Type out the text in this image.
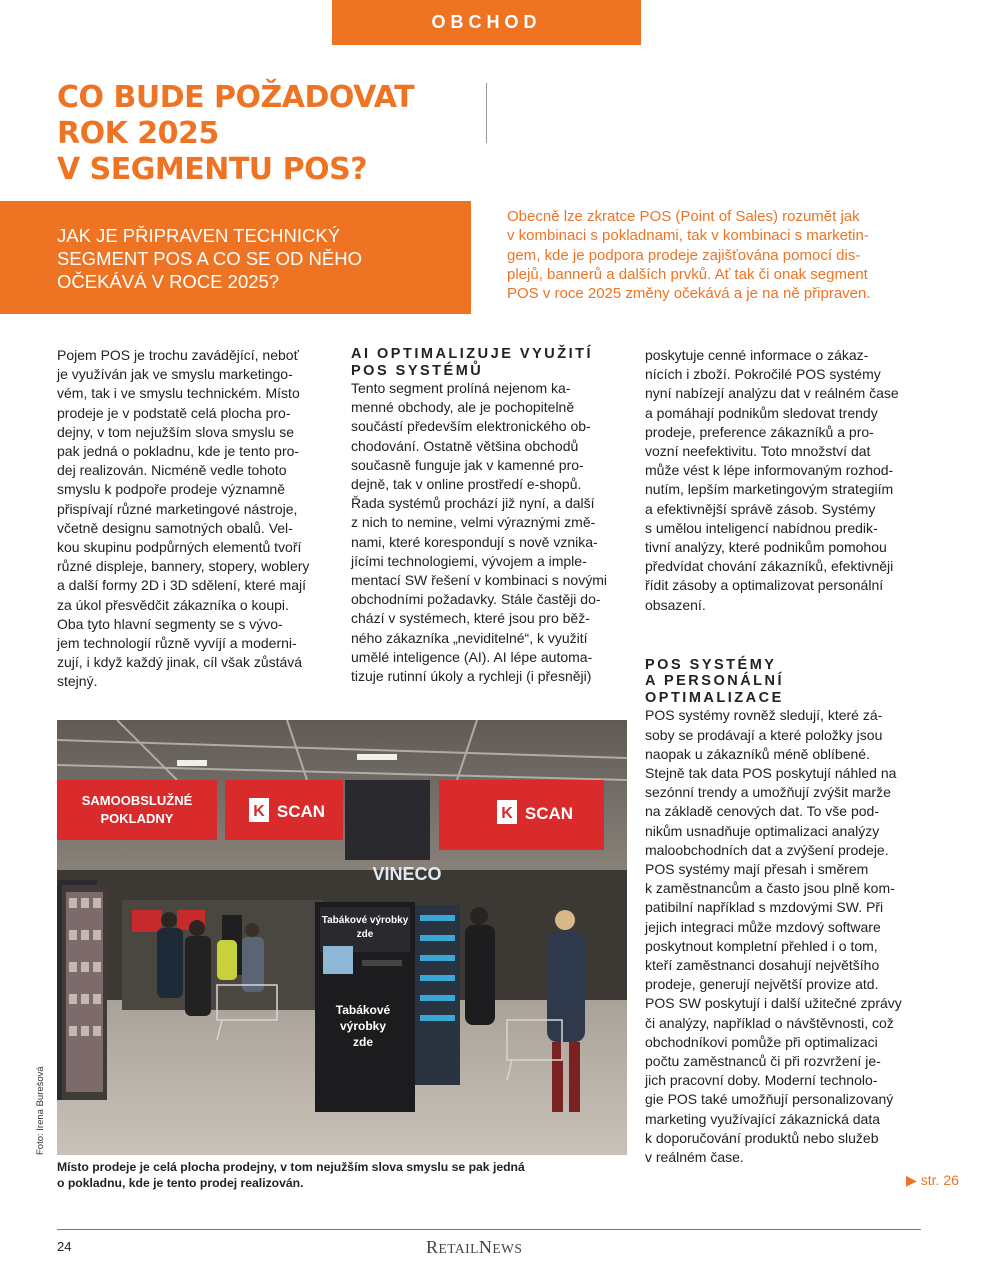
OBCHOD
CO BUDE POŽADOVAT
ROK 2025
V SEGMENTU POS?
JAK JE PŘIPRAVEN TECHNICKÝ
SEGMENT POS A CO SE OD NĚHO
OČEKÁVÁ V ROCE 2025?
Obecně lze zkratce POS (Point of Sales) rozumět jak
v kombinaci s pokladnami, tak v kombinaci s marketin-
gem, kde je podpora prodeje zajišťována pomocí dis-
plejů, bannerů a dalších prvků. Ať tak či onak segment
POS v roce 2025 změny očekává a je na ně připraven.

Pojem POS je trochu zavádějící, neboť
je využíván jak ve smyslu marketingo-
vém, tak i ve smyslu technickém. Místo
prodeje je v podstatě celá plocha pro-
dejny, v tom nejužším slova smyslu se
pak jedná o pokladnu, kde je tento pro-
dej realizován. Nicméně vedle tohoto
smyslu k podpoře prodeje významně
přispívají různé marketingové nástroje,
včetně designu samotných obalů. Vel-
kou skupinu podpůrných elementů tvoří
různé displeje, bannery, stopery, woblery
a další formy 2D i 3D sdělení, které mají
za úkol přesvědčit zákazníka o koupi.
Oba tyto hlavní segmenty se s vývo-
jem technologií různě vyvíjí a moderni-
zují, i když každý jinak, cíl však zůstává
stejný.

AI OPTIMALIZUJE VYUŽITÍ
POS SYSTÉMŮ

Tento segment prolíná nejenom ka-
menné obchody, ale je pochopitelně
součástí především elektronického ob-
chodování. Ostatně většina obchodů
současně funguje jak v kamenné pro-
dejně, tak v online prostředí e-shopů.
Řada systémů prochází již nyní, a další
z nich to nemine, velmi výraznými změ-
nami, které korespondují s nově vznika-
jícími technologiemi, vývojem a imple-
mentací SW řešení v kombinaci s novými
obchodními požadavky. Stále častěji do-
chází v systémech, které jsou pro běž-
ného zákazníka „neviditelné“, k využití
umělé inteligence (AI). AI lépe automa-
tizuje rutinní úkoly a rychleji (i přesněji)

poskytuje cenné informace o zákaz-
nících i zboží. Pokročilé POS systémy
nyní nabízejí analýzu dat v reálném čase
a pomáhají podnikům sledovat trendy
prodeje, preference zákazníků a pro-
vozní neefektivitu. Toto množství dat
může vést k lépe informovaným rozhod-
nutím, lepším marketingovým strategiím
a efektivnější správě zásob. Systémy
s umělou inteligencí nabídnou predik-
tivní analýzy, které podnikům pomohou
předvídat chování zákazníků, efektivněji
řídit zásoby a optimalizovat personální
obsazení.

POS SYSTÉMY
A PERSONÁLNÍ
OPTIMALIZACE

POS systémy rovněž sledují, které zá-
soby se prodávají a které položky jsou
naopak u zákazníků méně oblíbené.
Stejně tak data POS poskytují náhled na
sezónní trendy a umožňují zvýšit marže
na základě cenových dat. To vše pod-
nikům usnadňuje optimalizaci analýzy
maloobchodních dat a zvýšení prodeje.
POS systémy mají přesah i směrem
k zaměstnancům a často jsou plně kom-
patibilní například s mzdovými SW. Při
jejich integraci může mzdový software
poskytnout kompletní přehled i o tom,
kteří zaměstnanci dosahují největšího
prodeje, generují největší provize atd.
POS SW poskytují i další užitečné zprávy
či analýzy, například o návštěvnosti, což
obchodníkovi pomůže při optimalizaci
počtu zaměstnanců či při rozvržení je-
jich pracovní doby. Moderní technolo-
gie POS také umožňují personalizovaný
marketing využívající zákaznická data
k doporučování produktů nebo služeb
v reálném čase.

SAMOOBSLUŽNÉ
POKLADNY	K SCAN	K SCAN
VINECO
Tabákové výrobky
zde
Tabákové
výrobky
zde
Foto: Irena Burešová
Místo prodeje je celá plocha prodejny, v tom nejužším slova smyslu se pak jedná
o pokladnu, kde je tento prodej realizován.	▶ str. 26
24	RETAILNEWS
